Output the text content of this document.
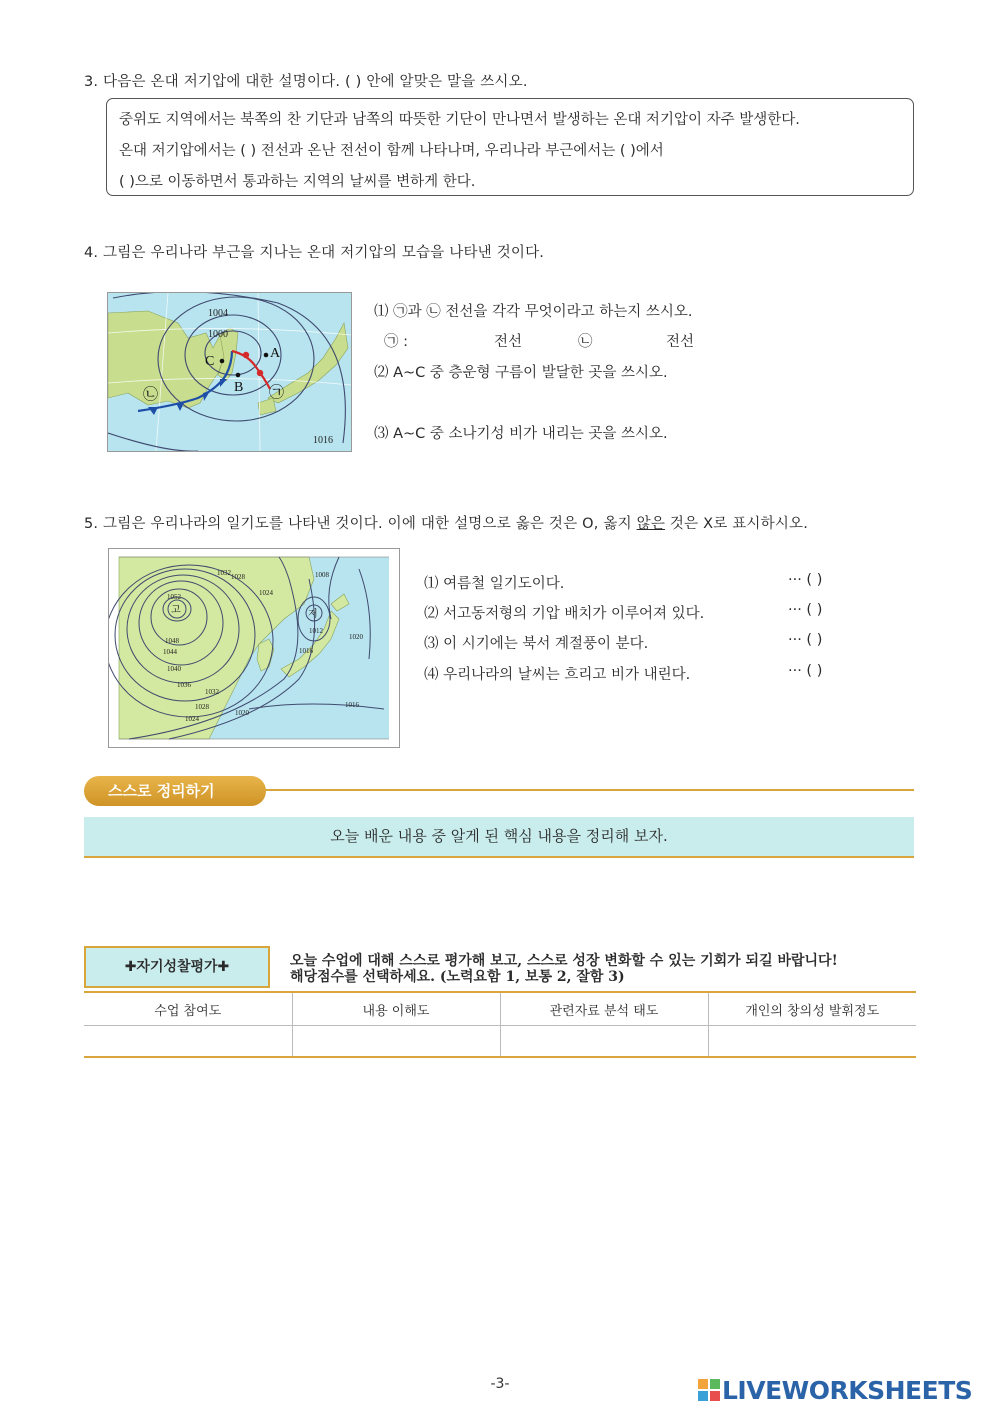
3. 다음은 온대 저기압에 대한 설명이다. ( ) 안에 알맞은 말을 쓰시오.
중위도 지역에서는 북쪽의 찬 기단과 남쪽의 따뜻한 기단이 만나면서 발생하는 온대 저기압이 자주 발생한다.
온대 저기압에서는 ( ) 전선과 온난 전선이 함께 나타나며, 우리나라 부근에서는 ( )에서
( )으로 이동하면서 통과하는 지역의 날씨를 변하게 한다.
4. 그림은 우리나라 부근을 지나는 온대 저기압의 모습을 나타낸 것이다.
1004
1000
1016
A
B
C
㉠
㉡
⑴ ㉠과 ㉡ 전선을 각각 무엇이라고 하는지 쓰시오.
㉠ :	전선	㉡	전선
⑵ A~C 중 층운형 구름이 발달한 곳을 쓰시오.
⑶ A~C 중 소나기성 비가 내리는 곳을 쓰시오.
5. 그림은 우리나라의 일기도를 나타낸 것이다. 이에 대한 설명으로 옳은 것은 O, 옳지 않은 것은 X로 표시하시오.
고	저
1052
1048
1044
1040
1036
1032
1028
1024
1020
1016
1012
1008
1016
1032 1028
1024
1020
⑴ 여름철 일기도이다.	··· ( )
⑵ 서고동저형의 기압 배치가 이루어져 있다.	··· ( )
⑶ 이 시기에는 북서 계절풍이 분다.	··· ( )
⑷ 우리나라의 날씨는 흐리고 비가 내린다.	··· ( )
스스로 정리하기
오늘 배운 내용 중 알게 된 핵심 내용을 정리해 보자.
✚자기성찰평가✚	오늘 수업에 대해 스스로 평가해 보고, 스스로 성장 변화할 수 있는 기회가 되길 바랍니다!
해당점수를 선택하세요. (노력요함 1, 보통 2, 잘함 3)
수업 참여도	내용 이해도	관련자료 분석 태도	개인의 창의성 발휘정도

-3-	LIVEWORKSHEETS
